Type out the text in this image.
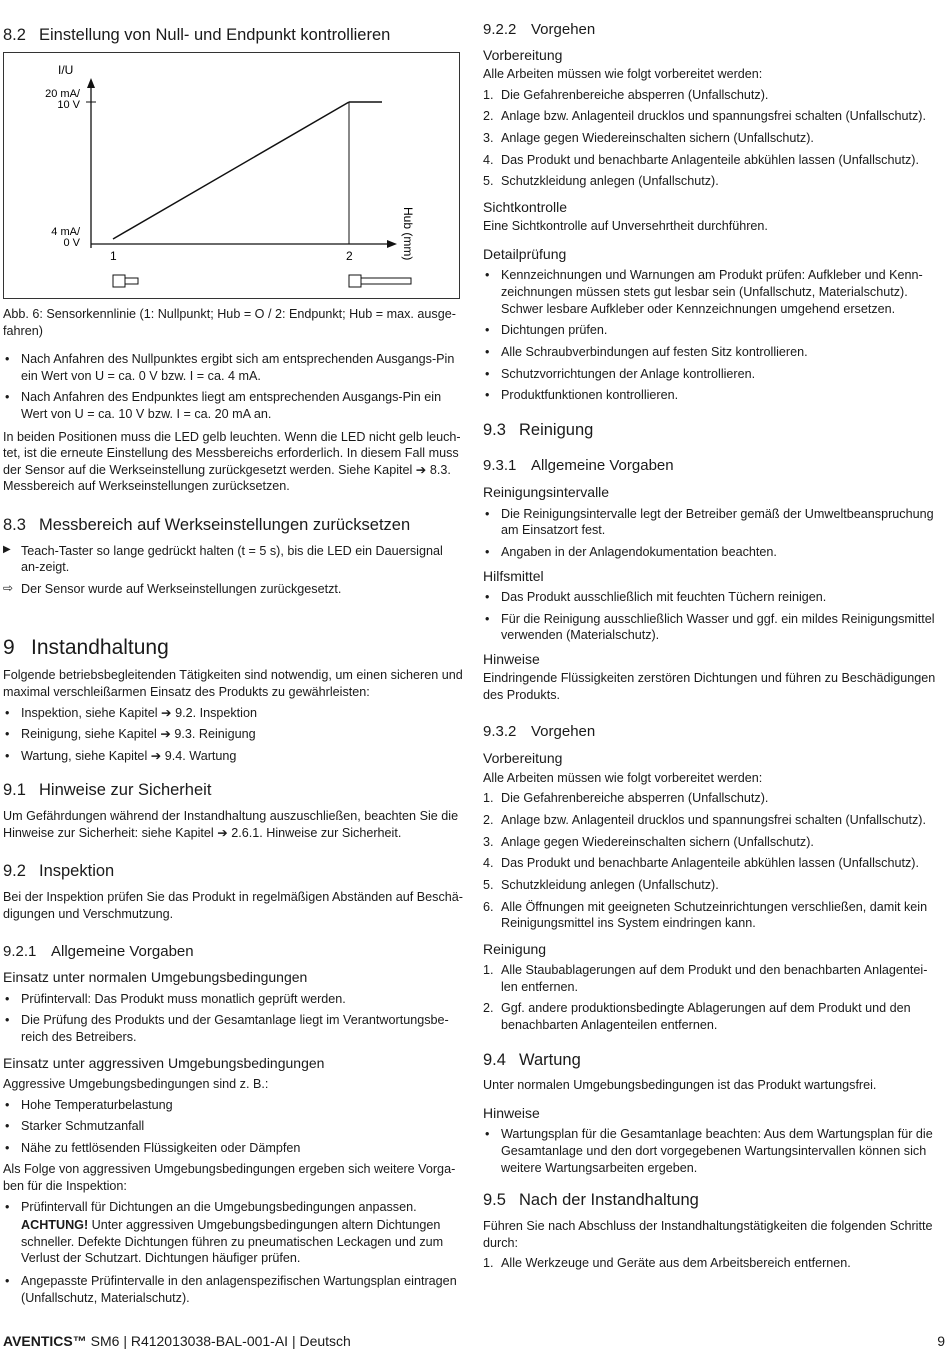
8.2 Einstellung von Null- und Endpunkt kontrollieren
I/U
20 mA/
10 V
4 mA/
0 V
1	2	Hub (mm)

Abb. 6: Sensorkennlinie (1: Nullpunkt; Hub = O / 2: Endpunkt; Hub = max. ausge-fahren)

• Nach Anfahren des Nullpunktes ergibt sich am entsprechenden Ausgangs-Pin ein Wert von U = ca. 0 V bzw. I = ca. 4 mA.
• Nach Anfahren des Endpunktes liegt am entsprechenden Ausgangs-Pin ein Wert von U = ca. 10 V bzw. I = ca. 20 mA an.

In beiden Positionen muss die LED gelb leuchten. Wenn die LED nicht gelb leuch-tet, ist die erneute Einstellung des Messbereichs erforderlich. In diesem Fall muss der Sensor auf die Werkseinstellung zurückgesetzt werden. Siehe Kapitel ➔ 8.3. Messbereich auf Werkseinstellungen zurücksetzen.

8.3 Messbereich auf Werkseinstellungen zurücksetzen
▶ Teach-Taster so lange gedrückt halten (t = 5 s), bis die LED ein Dauersignal an-zeigt.
⇨ Der Sensor wurde auf Werkseinstellungen zurückgesetzt.
9 Instandhaltung

Folgende betriebsbegleitenden Tätigkeiten sind notwendig, um einen sicheren und maximal verschleißarmen Einsatz des Produkts zu gewährleisten:

• Inspektion, siehe Kapitel ➔ 9.2. Inspektion
• Reinigung, siehe Kapitel ➔ 9.3. Reinigung
• Wartung, siehe Kapitel ➔ 9.4. Wartung
9.1 Hinweise zur Sicherheit

Um Gefährdungen während der Instandhaltung auszuschließen, beachten Sie die Hinweise zur Sicherheit: siehe Kapitel ➔ 2.6.1. Hinweise zur Sicherheit.

9.2 Inspektion

Bei der Inspektion prüfen Sie das Produkt in regelmäßigen Abständen auf Beschä-digungen und Verschmutzung.

9.2.1 Allgemeine Vorgaben
Einsatz unter normalen Umgebungsbedingungen
• Prüfintervall: Das Produkt muss monatlich geprüft werden.
• Die Prüfung des Produkts und der Gesamtanlage liegt im Verantwortungsbe-reich des Betreibers.
Einsatz unter aggressiven Umgebungsbedingungen

Aggressive Umgebungsbedingungen sind z. B.:

• Hohe Temperaturbelastung
• Starker Schmutzanfall
• Nähe zu fettlösenden Flüssigkeiten oder Dämpfen

Als Folge von aggressiven Umgebungsbedingungen ergeben sich weitere Vorga-ben für die Inspektion:

• Prüfintervall für Dichtungen an die Umgebungsbedingungen anpassen.

ACHTUNG! Unter aggressiven Umgebungsbedingungen altern Dichtungen schneller. Defekte Dichtungen führen zu pneumatischen Leckagen und zum Verlust der Schutzart. Dichtungen häufiger prüfen.

• Angepasste Prüfintervalle in den anlagenspezifischen Wartungsplan eintragen (Unfallschutz, Materialschutz).
9.2.2 Vorgehen
Vorbereitung

Alle Arbeiten müssen wie folgt vorbereitet werden:

1. Die Gefahrenbereiche absperren (Unfallschutz).
2. Anlage bzw. Anlagenteil drucklos und spannungsfrei schalten (Unfallschutz).
3. Anlage gegen Wiedereinschalten sichern (Unfallschutz).
4. Das Produkt und benachbarte Anlagenteile abkühlen lassen (Unfallschutz).
5. Schutzkleidung anlegen (Unfallschutz).
Sichtkontrolle

Eine Sichtkontrolle auf Unversehrtheit durchführen.

Detailprüfung
• Kennzeichnungen und Warnungen am Produkt prüfen: Aufkleber und Kenn-zeichnungen müssen stets gut lesbar sein (Unfallschutz, Materialschutz). Schwer lesbare Aufkleber oder Kennzeichnungen umgehend ersetzen.
• Dichtungen prüfen.
• Alle Schraubverbindungen auf festen Sitz kontrollieren.
• Schutzvorrichtungen der Anlage kontrollieren.
• Produktfunktionen kontrollieren.
9.3 Reinigung
9.3.1 Allgemeine Vorgaben
Reinigungsintervalle
• Die Reinigungsintervalle legt der Betreiber gemäß der Umweltbeanspruchung am Einsatzort fest.
• Angaben in der Anlagendokumentation beachten.
Hilfsmittel
• Das Produkt ausschließlich mit feuchten Tüchern reinigen.
• Für die Reinigung ausschließlich Wasser und ggf. ein mildes Reinigungsmittel verwenden (Materialschutz).
Hinweise

Eindringende Flüssigkeiten zerstören Dichtungen und führen zu Beschädigungen des Produkts.

9.3.2 Vorgehen
Vorbereitung

Alle Arbeiten müssen wie folgt vorbereitet werden:

1. Die Gefahrenbereiche absperren (Unfallschutz).
2. Anlage bzw. Anlagenteil drucklos und spannungsfrei schalten (Unfallschutz).
3. Anlage gegen Wiedereinschalten sichern (Unfallschutz).
4. Das Produkt und benachbarte Anlagenteile abkühlen lassen (Unfallschutz).
5. Schutzkleidung anlegen (Unfallschutz).
6. Alle Öffnungen mit geeigneten Schutzeinrichtungen verschließen, damit kein Reinigungsmittel ins System eindringen kann.
Reinigung
1. Alle Staubablagerungen auf dem Produkt und den benachbarten Anlagentei-len entfernen.
2. Ggf. andere produktionsbedingte Ablagerungen auf dem Produkt und den benachbarten Anlagenteilen entfernen.
9.4 Wartung

Unter normalen Umgebungsbedingungen ist das Produkt wartungsfrei.

Hinweise
• Wartungsplan für die Gesamtanlage beachten: Aus dem Wartungsplan für die Gesamtanlage und den dort vorgegebenen Wartungsintervallen können sich weitere Wartungsarbeiten ergeben.
9.5 Nach der Instandhaltung

Führen Sie nach Abschluss der Instandhaltungstätigkeiten die folgenden Schritte durch:

1. Alle Werkzeuge und Geräte aus dem Arbeitsbereich entfernen.
AVENTICS™ SM6 | R412013038-BAL-001-AI | Deutsch	9
